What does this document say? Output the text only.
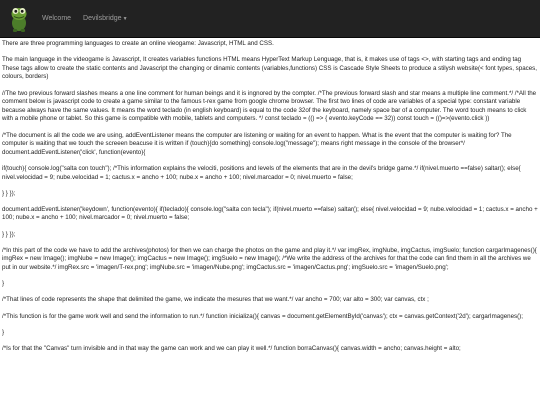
Welcome Devilsbridge▼

There are three programming languages to create an online vieogame: Javascript, HTML and CSS.

The main language in the videogame is Javascript, It creates variables functions HTML means HyperText Markup Lenguage, that is, it makes use of tags <>, with starting tags and ending tag These tags allow to create the static contents and Javascript the changing or dinamic contents (variables,functions) CSS is Cascade Style Sheets to produce a stilysh website(< font types, spaces, colours, borders)

//The two previous forward slashes means a one line comment for human beings and it is ingnored by the compter. /*The previous forward slash and star means a multiple line comment.*/ /*All the comment below is javascript code to create a game similar to the famous t-rex game from google chrome browser. The first two lines of code are variables of a special type: constant variable because always have the same values. It means the word teclado (in english keyboard) is equal to the code 32of the keyboard, namely space bar of a computer. The word touch means to click with a mobile phone or tablet. So this game is compatible with mobile, tablets and computers. */ const teclado = (() => { evento.keyCode == 32)) const touch = (()=>(evento.click ))

/*The document is all the code we are using, addEventListener means the computer are listening or waiting for an event to happen. What is the event that the computer is waiting for? The computer is waiting that we touch the screeen beacuse it is written if (touch){do something} console.log("message"); means right message in the console of the browser*/ document.addEventListener('click', function(evento){

if(touch){ console.log("salta con touch"); /*This information explains the velociti, positions and levels of the elements that are in the devil's bridge game.*/ if(nivel.muerto ==false) saltar(); else{ nivel.velocidad = 9; nube.velocidad = 1; cactus.x = ancho + 100; nube.x = ancho + 100; nivel.marcador = 0; nivel.muerto = false;

} } });

document.addEventListener('keydown', function(evento){ if(teclado){ console.log("salta con tecla"); if(nivel.muerto ==false) saltar(); else{ nivel.velocidad = 9; nube.velocidad = 1; cactus.x = ancho + 100; nube.x = ancho + 100; nivel.marcador = 0; nivel.muerto = false;

} } });

/*In this part of the code we have to add the archives(photos) for then we can charge the photos on the game and play it.*/ var imgRex, imgNube, imgCactus, imgSuelo; function cargarImagenes(){ imgRex = new Image(); imgNube = new Image(); imgCactus = new Image(); imgSuelo = new Image(); /*We write the address of the archives for that the code can find them in all the archives we put in our website.*/ imgRex.src = 'imagen/T-rex.png'; imgNube.src = 'imagen/Nube.png'; imgCactus.src = 'imagen/Cactus.png'; imgSuelo.src = 'imagen/Suelo.png';

}

/*That lines of code represents the shape that delimited the game, we indicate the mesures that we want.*/ var ancho = 700; var alto = 300; var canvas, ctx ;

/*This function is for the game work well and send the information to run.*/ function inicializa(){ canvas = document.getElementById('canvas'); ctx = canvas.getContext('2d'); cargarImagenes();

}

/*Is for that the "Canvas" turn invisible and in that way the game can work and we can play it well.*/ function borraCanvas(){ canvas.width = ancho; canvas.height = alto;
